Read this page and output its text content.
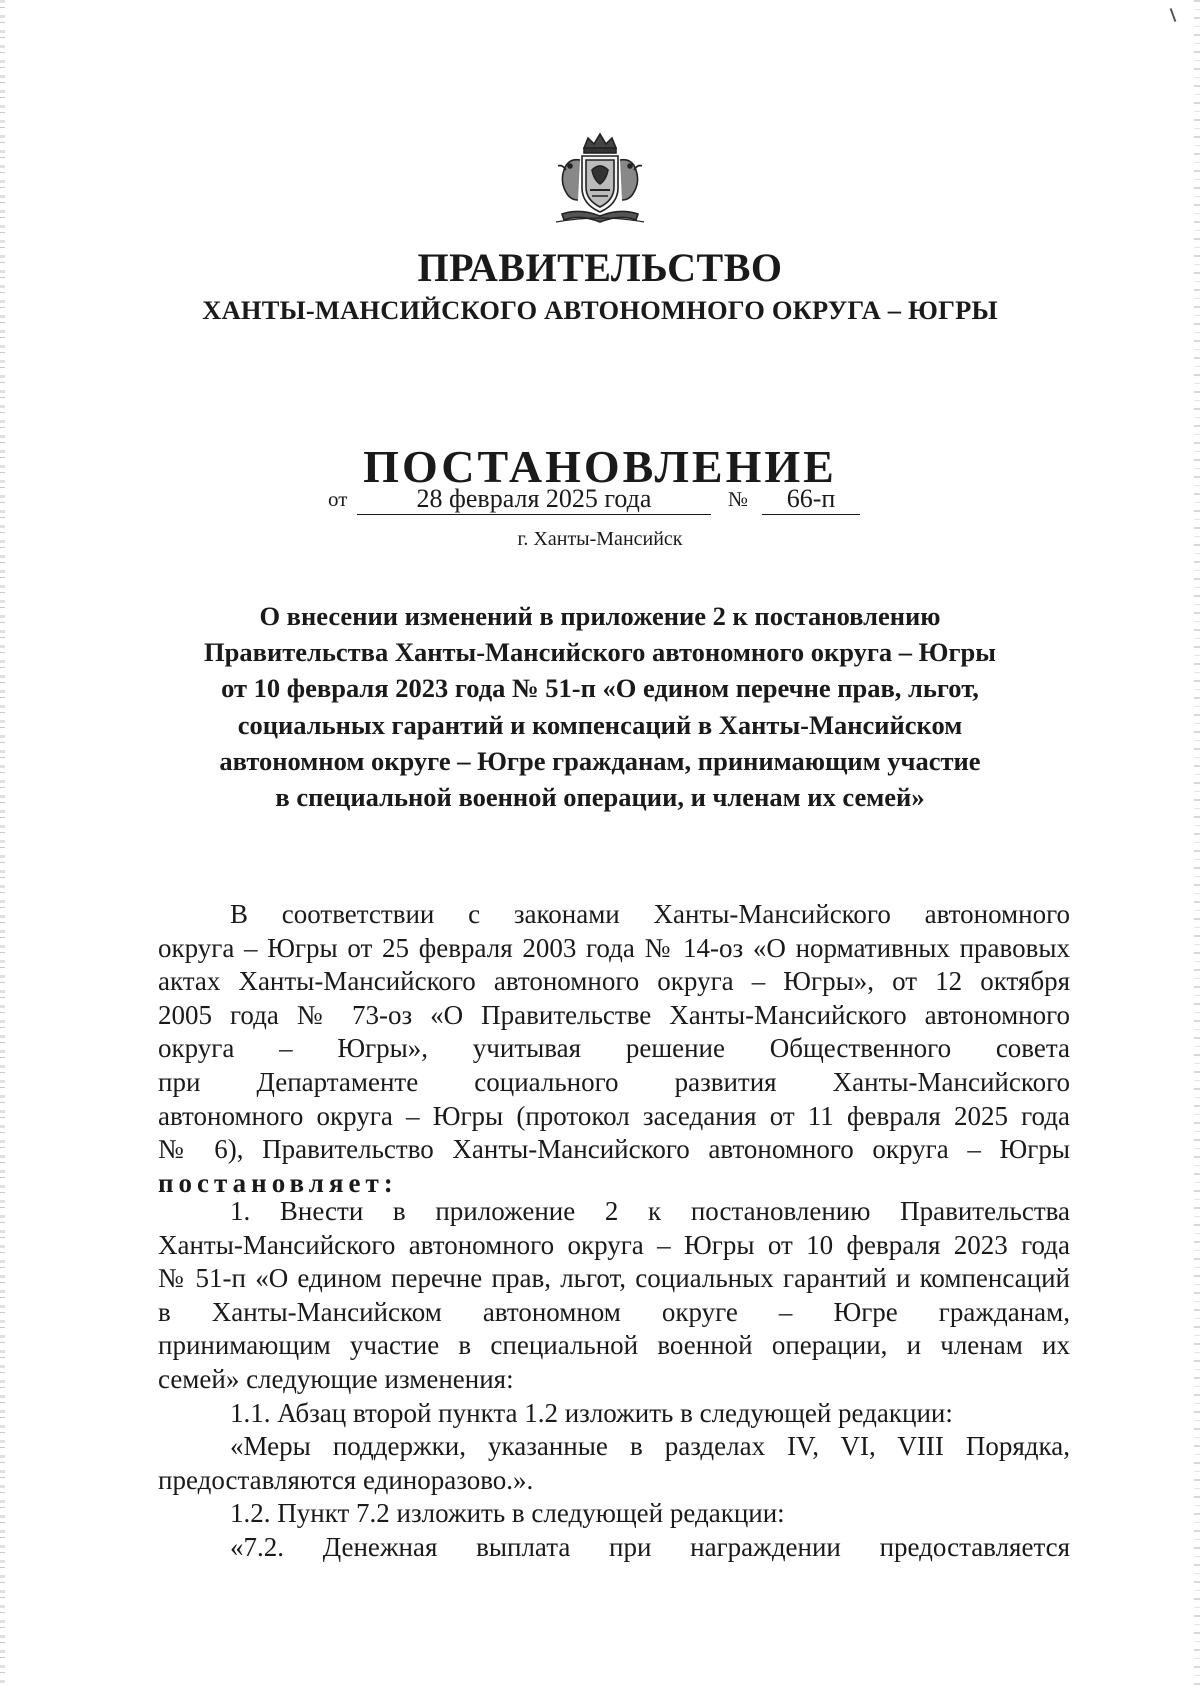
ПРАВИТЕЛЬСТВО
ХАНТЫ-МАНСИЙСКОГО АВТОНОМНОГО ОКРУГА – ЮГРЫ
ПОСТАНОВЛЕНИЕ
от	28 февраля 2025 года	№	66-п
г. Ханты-Мансийск
О внесении изменений в приложение 2 к постановлению
Правительства Ханты-Мансийского автономного округа – Югры
от 10 февраля 2023 года № 51-п «О едином перечне прав, льгот,
социальных гарантий и компенсаций в Ханты-Мансийском
автономном округе – Югре гражданам, принимающим участие
в специальной военной операции, и членам их семей»
В соответствии с законами Ханты-Мансийского автономного
округа – Югры от 25 февраля 2003 года № 14-оз «О нормативных правовых
актах Ханты-Мансийского автономного округа – Югры», от 12 октября
2005 года № 73-оз «О Правительстве Ханты-Мансийского автономного
округа – Югры», учитывая решение Общественного совета
при Департаменте социального развития Ханты-Мансийского
автономного округа – Югры (протокол заседания от 11 февраля 2025 года
№ 6), Правительство Ханты-Мансийского автономного округа – Югры
постановляет:
1. Внести в приложение 2 к постановлению Правительства
Ханты-Мансийского автономного округа – Югры от 10 февраля 2023 года
№ 51-п «О едином перечне прав, льгот, социальных гарантий и компенсаций
в Ханты-Мансийском автономном округе – Югре гражданам,
принимающим участие в специальной военной операции, и членам их
семей» следующие изменения:
1.1. Абзац второй пункта 1.2 изложить в следующей редакции:
«Меры поддержки, указанные в разделах IV, VI, VIII Порядка,
предоставляются единоразово.».
1.2. Пункт 7.2 изложить в следующей редакции:
«7.2. Денежная выплата при награждении предоставляется
